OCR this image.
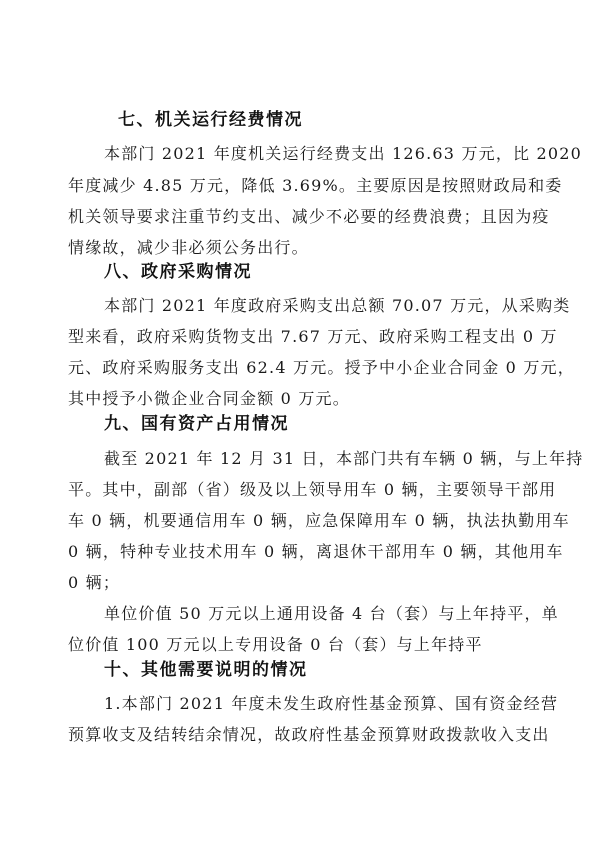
七、机关运行经费情况

本部门 2021 年度机关运行经费支出 126.63 万元，比 2020

年度减少 4.85 万元，降低 3.69%。主要原因是按照财政局和委

机关领导要求注重节约支出、减少不必要的经费浪费；且因为疫

情缘故，减少非必须公务出行。

八、政府采购情况

本部门 2021 年度政府采购支出总额 70.07 万元，从采购类

型来看，政府采购货物支出 7.67 万元、政府采购工程支出 0 万

元、政府采购服务支出 62.4 万元。授予中小企业合同金 0 万元，

其中授予小微企业合同金额 0 万元。

九、国有资产占用情况

截至 2021 年 12 月 31 日，本部门共有车辆 0 辆，与上年持

平。其中，副部（省）级及以上领导用车 0 辆，主要领导干部用

车 0 辆，机要通信用车 0 辆，应急保障用车 0 辆，执法执勤用车

0 辆，特种专业技术用车 0 辆，离退休干部用车 0 辆，其他用车

0 辆；

单位价值 50 万元以上通用设备 4 台（套）与上年持平，单

位价值 100 万元以上专用设备 0 台（套）与上年持平

十、其他需要说明的情况

1.本部门 2021 年度未发生政府性基金预算、国有资金经营

预算收支及结转结余情况，故政府性基金预算财政拨款收入支出
